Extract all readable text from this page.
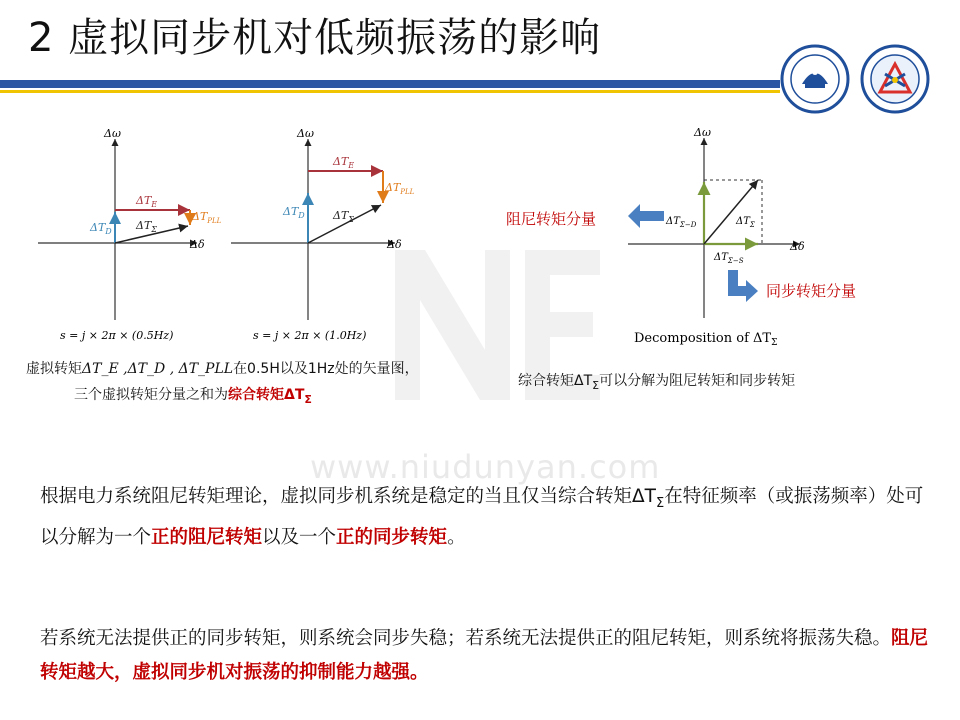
2 虚拟同步机对低频振荡的影响
www.niudunyan.com
Δω
Δδ
$\Delta T_E$
$\Delta T_{PLL}$
$\Delta T_D$ $\Delta T_\Sigma$
s = j × 2π × (0.5Hz)
Δω
Δδ
$\Delta T_E$
$\Delta T_{PLL}$
$\Delta T_D$	$\Delta T_\Sigma$
s = j × 2π × (1.0Hz)
Δω
Δδ
$\Delta T_{\Sigma-D}$	$\Delta T_\Sigma$
$\Delta T_{\Sigma-S}$
阻尼转矩分量
同步转矩分量
Decomposition of $\Delta T_\Sigma$
虚拟转矩ΔT_E ,ΔT_D , ΔT_PLL在0.5H以及1Hz处的矢量图，
三个虚拟转矩分量之和为综合转矩$\Delta T_\Sigma$
综合转矩$\Delta T_\Sigma$可以分解为阻尼转矩和同步转矩
根据电力系统阻尼转矩理论，虚拟同步机系统是稳定的当且仅当综合转矩$\Delta T_\Sigma$在特征频率（或振荡频率）处可以分解为一个正的阻尼转矩以及一个正的同步转矩。
若系统无法提供正的同步转矩，则系统会同步失稳；若系统无法提供正的阻尼转矩，则系统将振荡失稳。阻尼转矩越大，虚拟同步机对振荡的抑制能力越强。
